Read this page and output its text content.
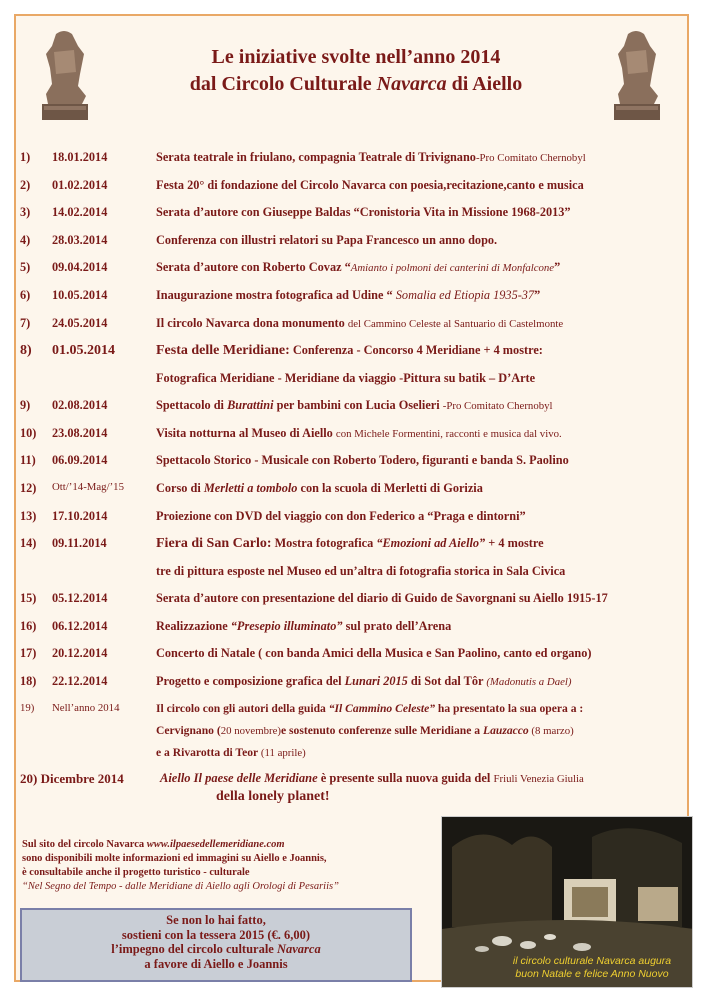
Le iniziative svolte nell’anno 2014
dal Circolo Culturale Navarca di Aiello
1)	18.01.2014	Serata teatrale in friulano, compagnia Teatrale di Trivignano-Pro Comitato Chernobyl
2)	01.02.2014	Festa 20° di fondazione del Circolo Navarca con poesia,recitazione,canto e musica
3)	14.02.2014	Serata d’autore con Giuseppe Baldas “Cronistoria Vita in Missione 1968-2013”
4)	28.03.2014	Conferenza con illustri relatori su Papa Francesco un anno dopo.
5)	09.04.2014	Serata d’autore con Roberto Covaz “Amianto i polmoni dei canterini di Monfalcone”
6)	10.05.2014	Inaugurazione mostra fotografica ad Udine “ Somalia ed Etiopia 1935-37”
7)	24.05.2014	Il circolo Navarca dona monumento del Cammino Celeste al Santuario di Castelmonte
8)	01.05.2014	Festa delle Meridiane: Conferenza - Concorso 4 Meridiane + 4 mostre:
Fotografica Meridiane - Meridiane da viaggio -Pittura su batik – D’Arte
9)	02.08.2014	Spettacolo di Burattini per bambini con Lucia Oselieri -Pro Comitato Chernobyl
10)	23.08.2014	Visita notturna al Museo di Aiello con Michele Formentini, racconti e musica dal vivo.
11)	06.09.2014	Spettacolo Storico - Musicale con Roberto Todero, figuranti e banda S. Paolino
12)	Ott/’14-Mag/’15	Corso di Merletti a tombolo con la scuola di Merletti di Gorizia
13)	17.10.2014	Proiezione con DVD del viaggio con don Federico a “Praga e dintorni”
14)	09.11.2014	Fiera di San Carlo: Mostra fotografica “Emozioni ad Aiello” + 4 mostre
tre di pittura esposte nel Museo ed un’altra di fotografia storica in Sala Civica
15)	05.12.2014	Serata d’autore con presentazione del diario di Guido de Savorgnani su Aiello 1915-17
16)	06.12.2014	Realizzazione “Presepio illuminato” sul prato dell’Arena
17)	20.12.2014	Concerto di Natale ( con banda Amici della Musica e San Paolino, canto ed organo)
18)	22.12.2014	Progetto e composizione grafica del Lunari 2015 di Sot dal Tôr (Madonutis a Dael)
19)	Nell’anno 2014	Il circolo con gli autori della guida “Il Cammino Celeste” ha presentato la sua opera a :
Cervignano (20 novembre)e sostenuto conferenze sulle Meridiane a Lauzacco (8 marzo)
e a Rivarotta di Teor (11 aprile)
20) Dicembre 2014	Aiello Il paese delle Meridiane è presente sulla nuova guida del Friuli Venezia Giulia
della lonely planet!
Sul sito del circolo Navarca www.ilpaesedellemeridiane.com
sono disponibili molte informazioni ed immagini su Aiello e Joannis,
è consultabile anche il progetto turistico - culturale
“Nel Segno del Tempo - dalle Meridiane di Aiello agli Orologi di Pesariis”
Se non lo hai fatto,
sostieni con la tessera 2015 (€. 6,00)
l’impegno del circolo culturale Navarca
a favore di Aiello e Joannis	il circolo culturale Navarca augura
buon Natale e felice Anno Nuovo
